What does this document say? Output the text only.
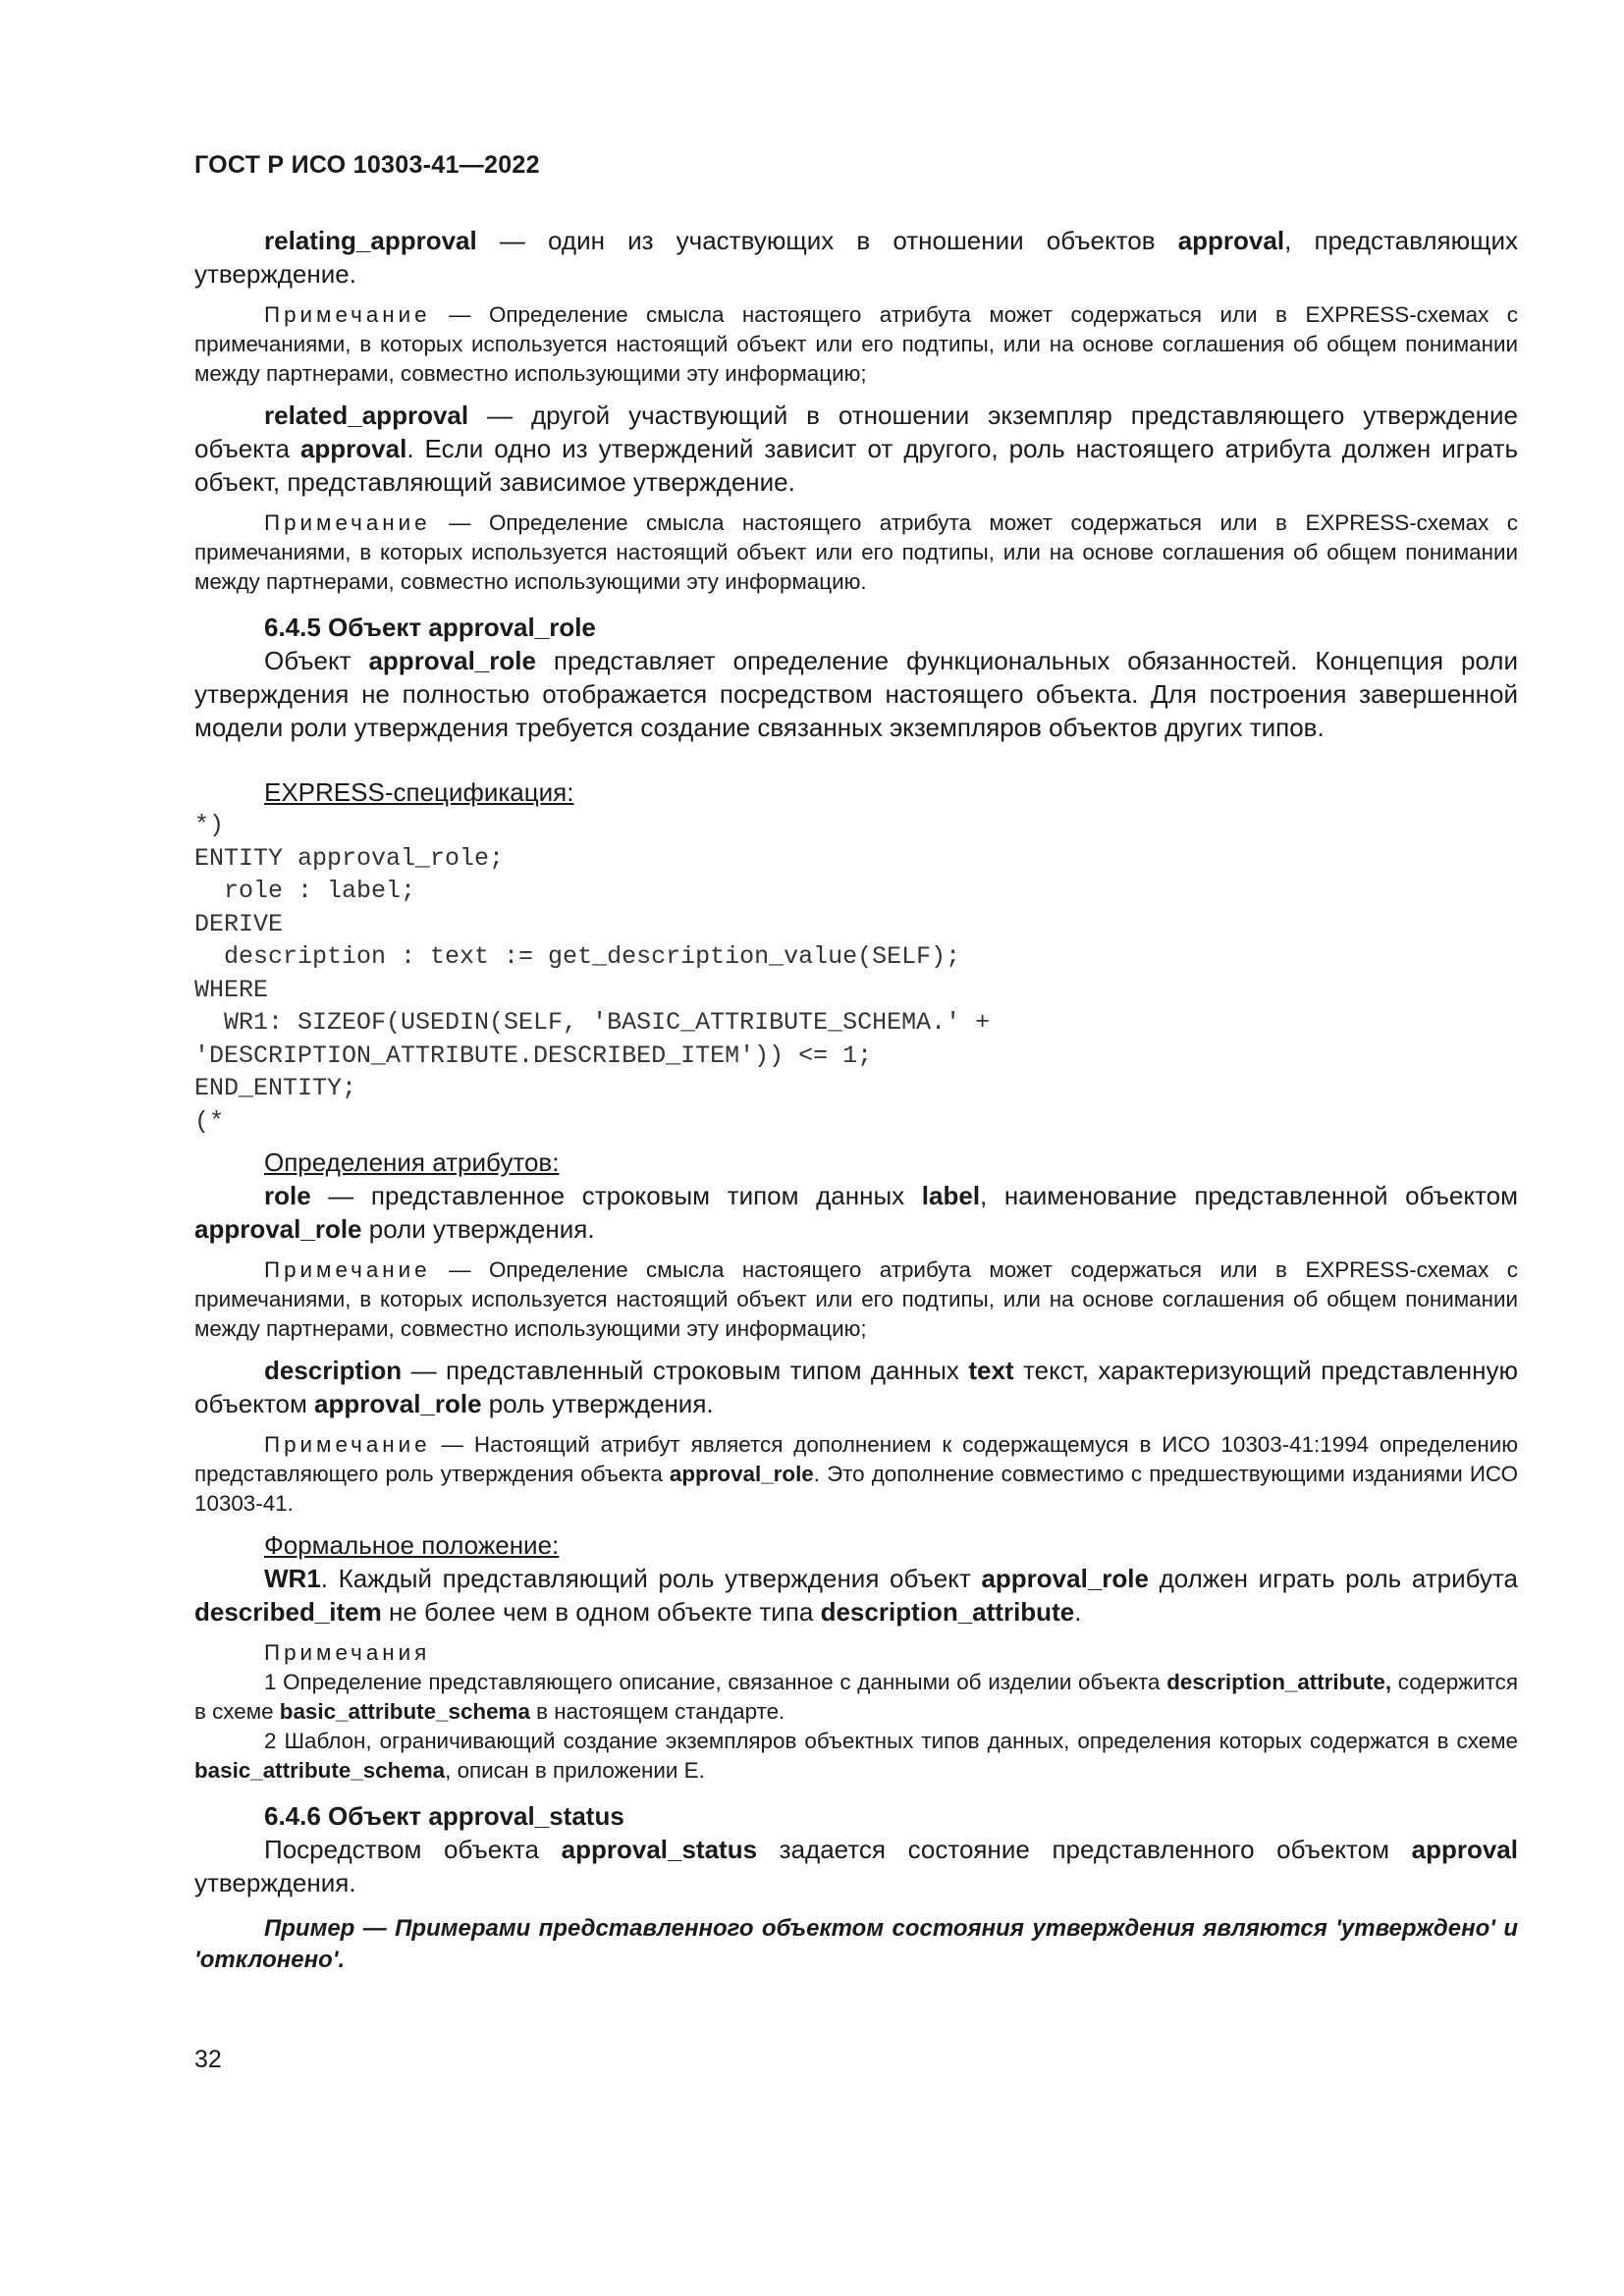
ГОСТ Р ИСО 10303-41—2022

relating_approval — один из участвующих в отношении объектов approval, представляющих утверждение.

Примечание — Определение смысла настоящего атрибута может содержаться или в EXPRESS-схемах с примечаниями, в которых используется настоящий объект или его подтипы, или на основе соглашения об общем понимании между партнерами, совместно использующими эту информацию;

related_approval — другой участвующий в отношении экземпляр представляющего утверждение объекта approval. Если одно из утверждений зависит от другого, роль настоящего атрибута должен играть объект, представляющий зависимое утверждение.

Примечание — Определение смысла настоящего атрибута может содержаться или в EXPRESS-схемах с примечаниями, в которых используется настоящий объект или его подтипы, или на основе соглашения об общем понимании между партнерами, совместно использующими эту информацию.

6.4.5 Объект approval_role

Объект approval_role представляет определение функциональных обязанностей. Концепция роли утверждения не полностью отображается посредством настоящего объекта. Для построения завершенной модели роли утверждения требуется создание связанных экземпляров объектов других типов.

EXPRESS-спецификация:

*)
ENTITY approval_role;
role : label;
DERIVE
description : text := get_description_value(SELF);
WHERE
WR1: SIZEOF(USEDIN(SELF, 'BASIC_ATTRIBUTE_SCHEMA.' +
'DESCRIPTION_ATTRIBUTE.DESCRIBED_ITEM')) <= 1;
END_ENTITY;
(*

Определения атрибутов:

role — представленное строковым типом данных label, наименование представленной объектом approval_role роли утверждения.

Примечание — Определение смысла настоящего атрибута может содержаться или в EXPRESS-схемах с примечаниями, в которых используется настоящий объект или его подтипы, или на основе соглашения об общем понимании между партнерами, совместно использующими эту информацию;

description — представленный строковым типом данных text текст, характеризующий представленную объектом approval_role роль утверждения.

Примечание — Настоящий атрибут является дополнением к содержащемуся в ИСО 10303-41:1994 определению представляющего роль утверждения объекта approval_role. Это дополнение совместимо с предшествующими изданиями ИСО 10303-41.

Формальное положение:

WR1. Каждый представляющий роль утверждения объект approval_role должен играть роль атрибута described_item не более чем в одном объекте типа description_attribute.

Примечания

1 Определение представляющего описание, связанное с данными об изделии объекта description_attribute, содержится в схеме basic_attribute_schema в настоящем стандарте.

2 Шаблон, ограничивающий создание экземпляров объектных типов данных, определения которых содержатся в схеме basic_attribute_schema, описан в приложении E.

6.4.6 Объект approval_status

Посредством объекта approval_status задается состояние представленного объектом approval утверждения.

Пример — Примерами представленного объектом состояния утверждения являются 'утверждено' и 'отклонено'.

32
